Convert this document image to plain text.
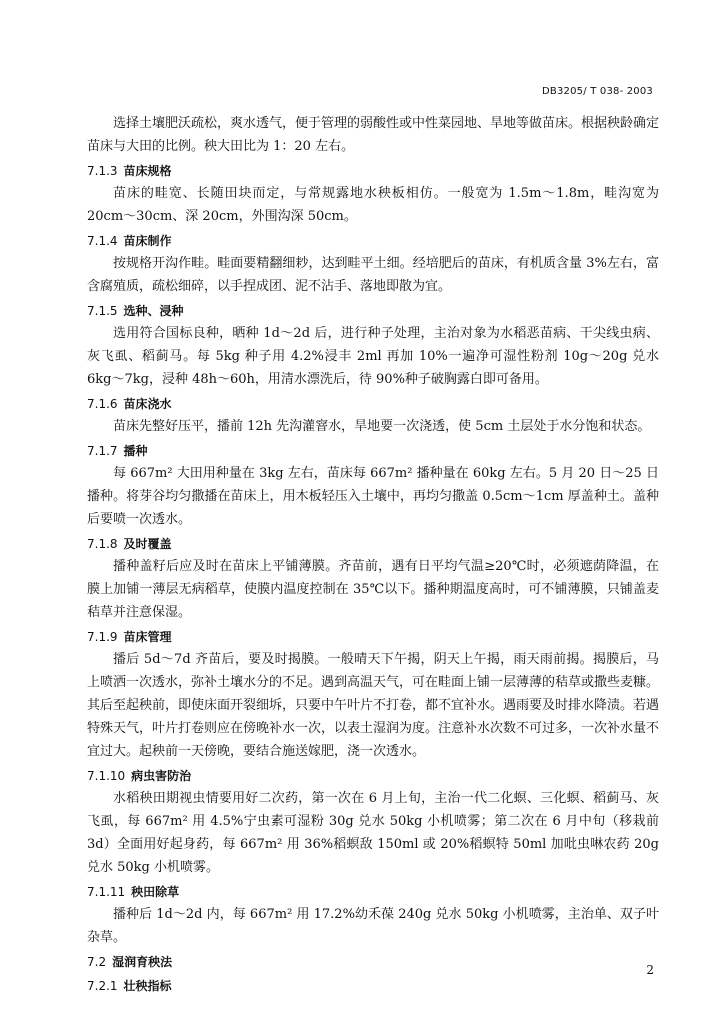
DB3205/ T 038- 2003

选择土壤肥沃疏松，爽水透气，便于管理的弱酸性或中性菜园地、旱地等做苗床。根据秧龄确定苗床与大田的比例。秧大田比为 1：20 左右。

7.1.3 苗床规格

苗床的畦宽、长随田块而定，与常规露地水秧板相仿。一般宽为 1.5m～1.8m，畦沟宽为 20cm～30cm、深 20cm，外围沟深 50cm。

7.1.4 苗床制作

按规格开沟作畦。畦面要精翻细耖，达到畦平土细。经培肥后的苗床，有机质含量 3%左右，富含腐殖质，疏松细碎，以手捏成团、泥不沾手、落地即散为宜。

7.1.5 选种、浸种

选用符合国标良种，晒种 1d～2d 后，进行种子处理，主治对象为水稻恶苗病、干尖线虫病、灰飞虱、稻蓟马。每 5kg 种子用 4.2%浸丰 2ml 再加 10%一遍净可湿性粉剂 10g～20g 兑水 6kg～7kg，浸种 48h～60h，用清水漂洗后，待 90%种子破胸露白即可备用。

7.1.6 苗床浇水

苗床先整好压平，播前 12h 先沟灌窨水，旱地要一次浇透，使 5cm 土层处于水分饱和状态。

7.1.7 播种

每 667m² 大田用种量在 3kg 左右，苗床每 667m² 播种量在 60kg 左右。5 月 20 日～25 日播种。将芽谷均匀撒播在苗床上，用木板轻压入土壤中，再均匀撒盖 0.5cm～1cm 厚盖种土。盖种后要喷一次透水。

7.1.8 及时覆盖

播种盖籽后应及时在苗床上平铺薄膜。齐苗前，遇有日平均气温≥20℃时，必须遮荫降温，在膜上加铺一薄层无病稻草，使膜内温度控制在 35℃以下。播种期温度高时，可不铺薄膜，只铺盖麦秸草并注意保湿。

7.1.9 苗床管理

播后 5d～7d 齐苗后，要及时揭膜。一般晴天下午揭，阴天上午揭，雨天雨前揭。揭膜后，马上喷洒一次透水，弥补土壤水分的不足。遇到高温天气，可在畦面上铺一层薄薄的秸草或撒些麦糠。其后至起秧前，即使床面开裂细坼，只要中午叶片不打卷，都不宜补水。遇雨要及时排水降渍。若遇特殊天气，叶片打卷则应在傍晚补水一次，以表土湿润为度。注意补水次数不可过多，一次补水量不宜过大。起秧前一天傍晚，要结合施送嫁肥，浇一次透水。

7.1.10 病虫害防治

水稻秧田期视虫情要用好二次药，第一次在 6 月上旬，主治一代二化螟、三化螟、稻蓟马、灰飞虱，每 667m² 用 4.5%宁虫素可湿粉 30g 兑水 50kg 小机喷雾；第二次在 6 月中旬（移栽前 3d）全面用好起身药，每 667m² 用 36%稻螟敌 150ml 或 20%稻螟特 50ml 加吡虫啉农药 20g 兑水 50kg 小机喷雾。

7.1.11 秧田除草

播种后 1d～2d 内，每 667m² 用 17.2%幼禾葆 240g 兑水 50kg 小机喷雾，主治单、双子叶杂草。

7.2 湿润育秧法
7.2.1 壮秧指标
2
